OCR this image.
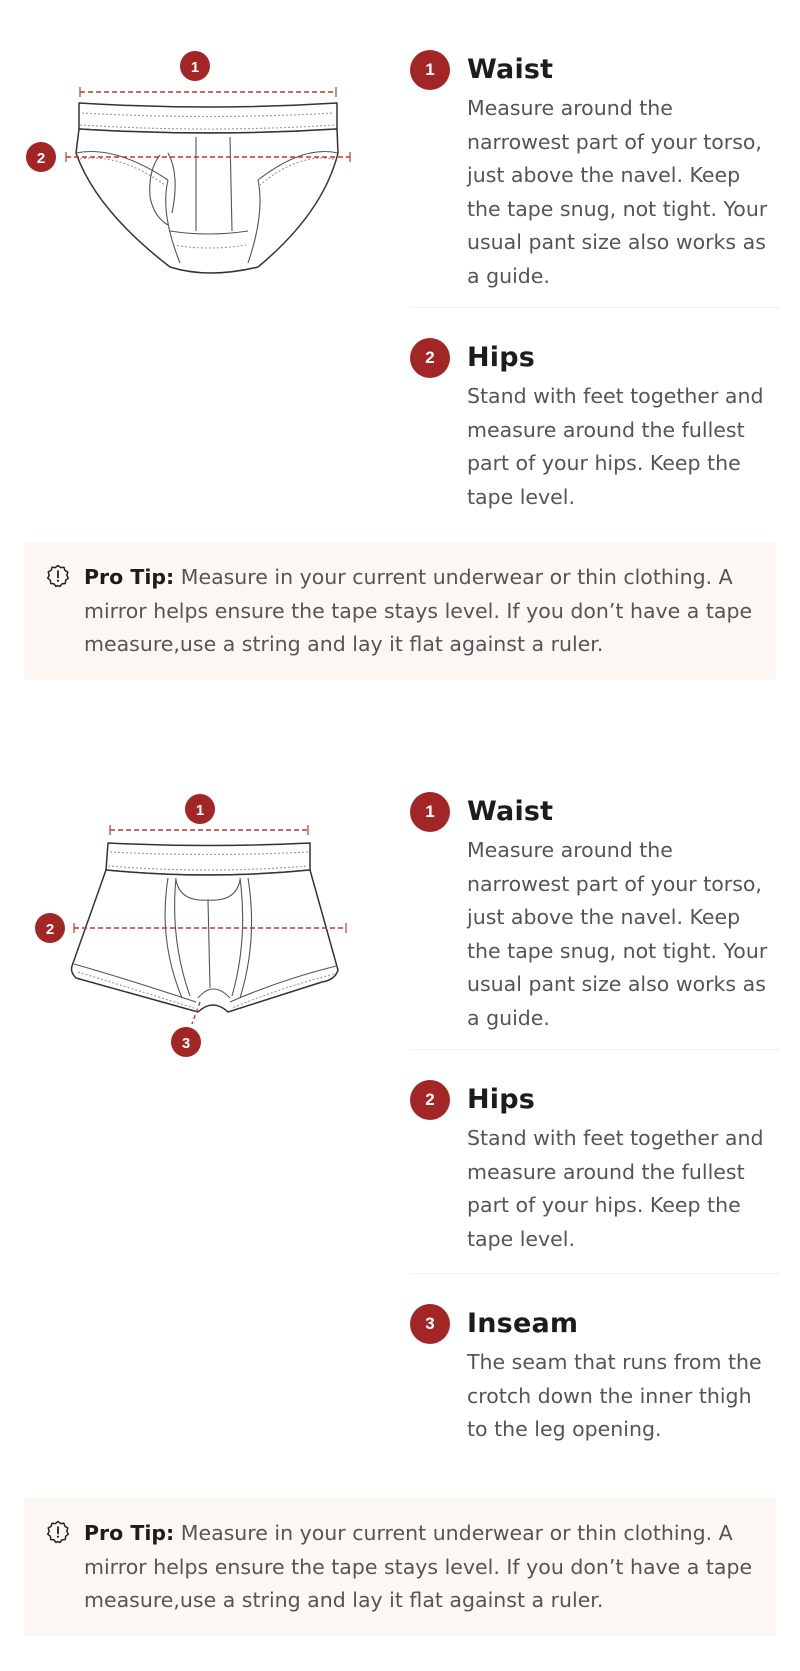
1
2
1	Waist
Measure around the narrowest part of your torso, just above the navel. Keep the tape snug, not tight. Your usual pant size also works as a guide.
2	Hips
Stand with feet together and measure around the fullest part of your hips. Keep the tape level.
Pro Tip: Measure in your current underwear or thin clothing. A mirror helps ensure the tape stays level. If you don’t have a tape measure,use a string and lay it flat against a ruler.
1
2
3
1	Waist
Measure around the narrowest part of your torso, just above the navel. Keep the tape snug, not tight. Your usual pant size also works as a guide.
2	Hips
Stand with feet together and measure around the fullest part of your hips. Keep the tape level.
3	Inseam
The seam that runs from the crotch down the inner thigh to the leg opening.
Pro Tip: Measure in your current underwear or thin clothing. A mirror helps ensure the tape stays level. If you don’t have a tape measure,use a string and lay it flat against a ruler.
